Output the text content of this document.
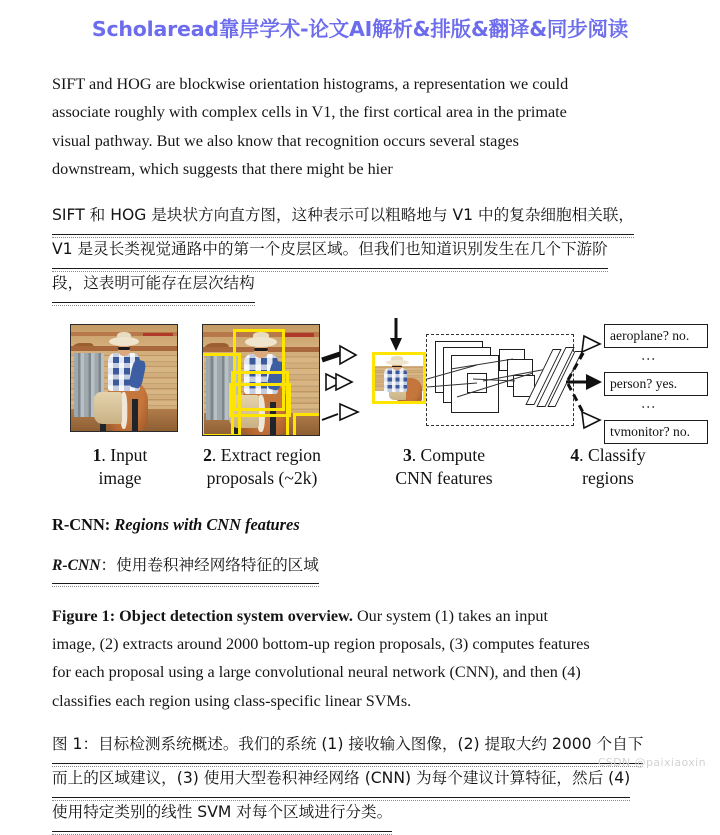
Scholaread靠岸学术-论文AI解析&排版&翻译&同步阅读
SIFT and HOG are blockwise orientation histograms, a representation we could
associate roughly with complex cells in V1, the first cortical area in the primate
visual pathway. But we also know that recognition occurs several stages
downstream, which suggests that there might be hier
SIFT 和 HOG 是块状方向直方图，这种表示可以粗略地与 V1 中的复杂细胞相关联，
V1 是灵长类视觉通路中的第一个皮层区域。但我们也知道识别发生在几个下游阶
段，这表明可能存在层次结构
aeroplane? no.
⋮
person? yes.
⋮
tvmonitor? no.
1. Input
image
2. Extract region
proposals (~2k)
3. Compute
CNN features
4. Classify
regions
R-CNN: Regions with CNN features
R-CNN：使用卷积神经网络特征的区域
Figure 1: Object detection system overview. Our system (1) takes an input
image, (2) extracts around 2000 bottom-up region proposals, (3) computes features
for each proposal using a large convolutional neural network (CNN), and then (4)
classifies each region using class-specific linear SVMs.
图 1：目标检测系统概述。我们的系统 (1) 接收输入图像，(2) 提取大约 2000 个自下
而上的区域建议，(3) 使用大型卷积神经网络 (CNN) 为每个建议计算特征，然后 (4)
使用特定类别的线性 SVM 对每个区域进行分类。
CSDN @paixiaoxin
